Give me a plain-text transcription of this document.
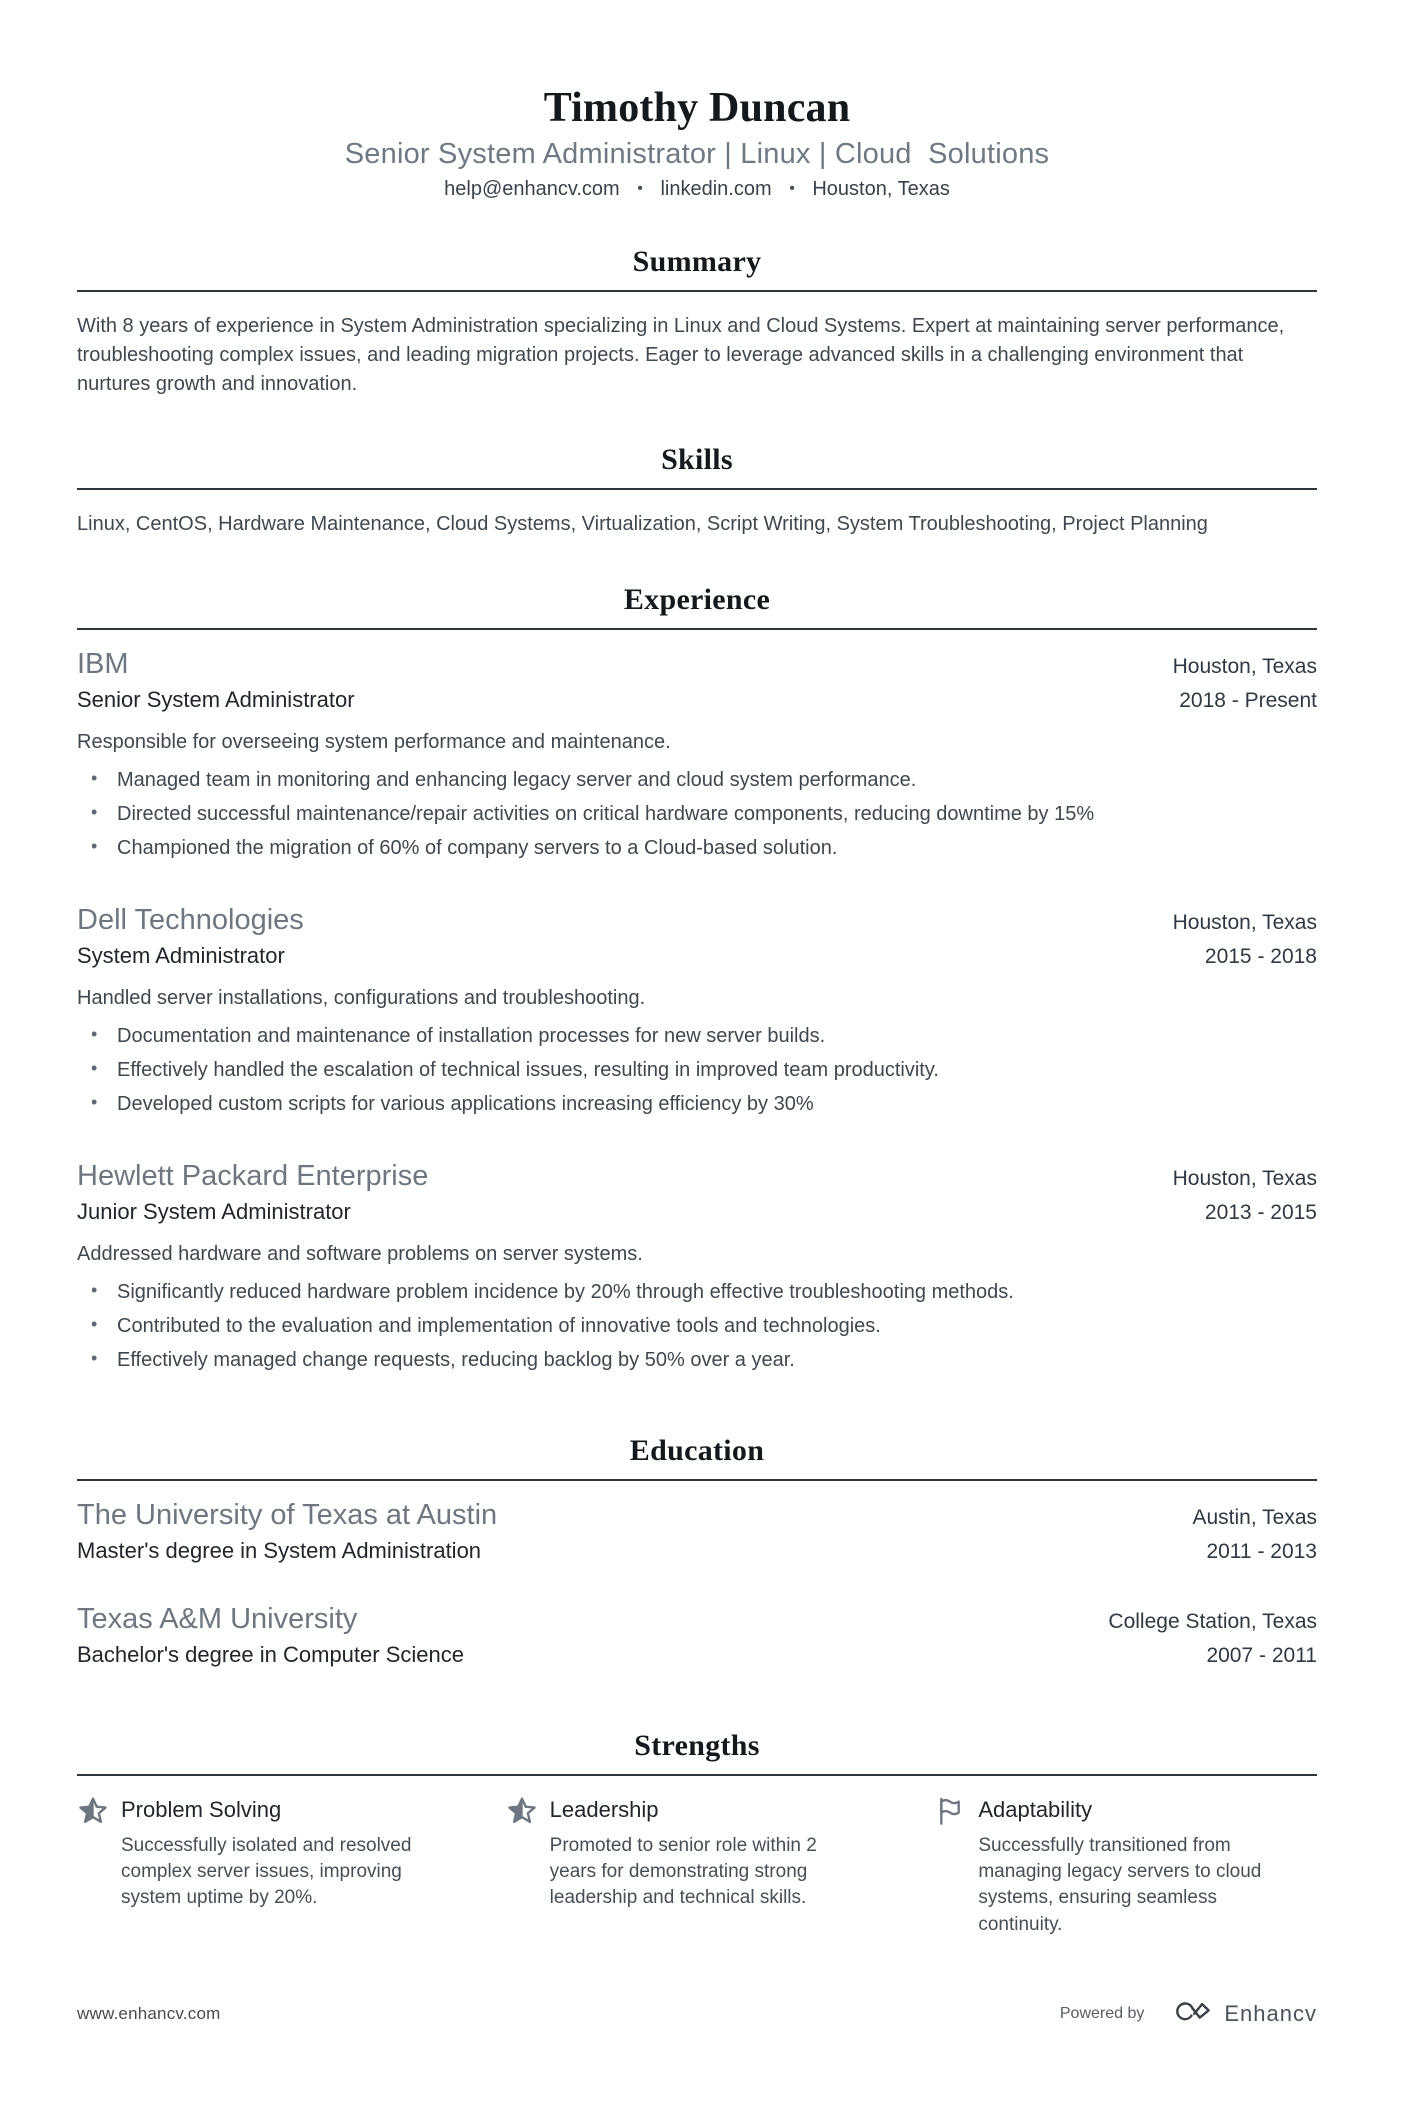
Timothy Duncan
Senior System Administrator | Linux | Cloud  Solutions
help@enhancv.com • linkedin.com • Houston, Texas
Summary

With 8 years of experience in System Administration specializing in Linux and Cloud Systems. Expert at maintaining server performance, troubleshooting complex issues, and leading migration projects. Eager to leverage advanced skills in a challenging environment that nurtures growth and innovation.

Skills

Linux, CentOS, Hardware Maintenance, Cloud Systems, Virtualization, Script Writing, System Troubleshooting, Project Planning

Experience
IBM	Houston, Texas
Senior System Administrator	2018 - Present

Responsible for overseeing system performance and maintenance.

• Managed team in monitoring and enhancing legacy server and cloud system performance.
• Directed successful maintenance/repair activities on critical hardware components, reducing downtime by 15%
• Championed the migration of 60% of company servers to a Cloud-based solution.
Dell Technologies	Houston, Texas
System Administrator	2015 - 2018

Handled server installations, configurations and troubleshooting.

• Documentation and maintenance of installation processes for new server builds.
• Effectively handled the escalation of technical issues, resulting in improved team productivity.
• Developed custom scripts for various applications increasing efficiency by 30%
Hewlett Packard Enterprise	Houston, Texas
Junior System Administrator	2013 - 2015

Addressed hardware and software problems on server systems.

• Significantly reduced hardware problem incidence by 20% through effective troubleshooting methods.
• Contributed to the evaluation and implementation of innovative tools and technologies.
• Effectively managed change requests, reducing backlog by 50% over a year.
Education
The University of Texas at Austin	Austin, Texas
Master's degree in System Administration	2011 - 2013
Texas A&M University	College Station, Texas
Bachelor's degree in Computer Science	2007 - 2011
Strengths
Problem Solving
Successfully isolated and resolved complex server issues, improving system uptime by 20%.
Leadership
Promoted to senior role within 2 years for demonstrating strong leadership and technical skills.
Adaptability
Successfully transitioned from managing legacy servers to cloud systems, ensuring seamless continuity.
www.enhancv.com	Powered by	Enhancv
